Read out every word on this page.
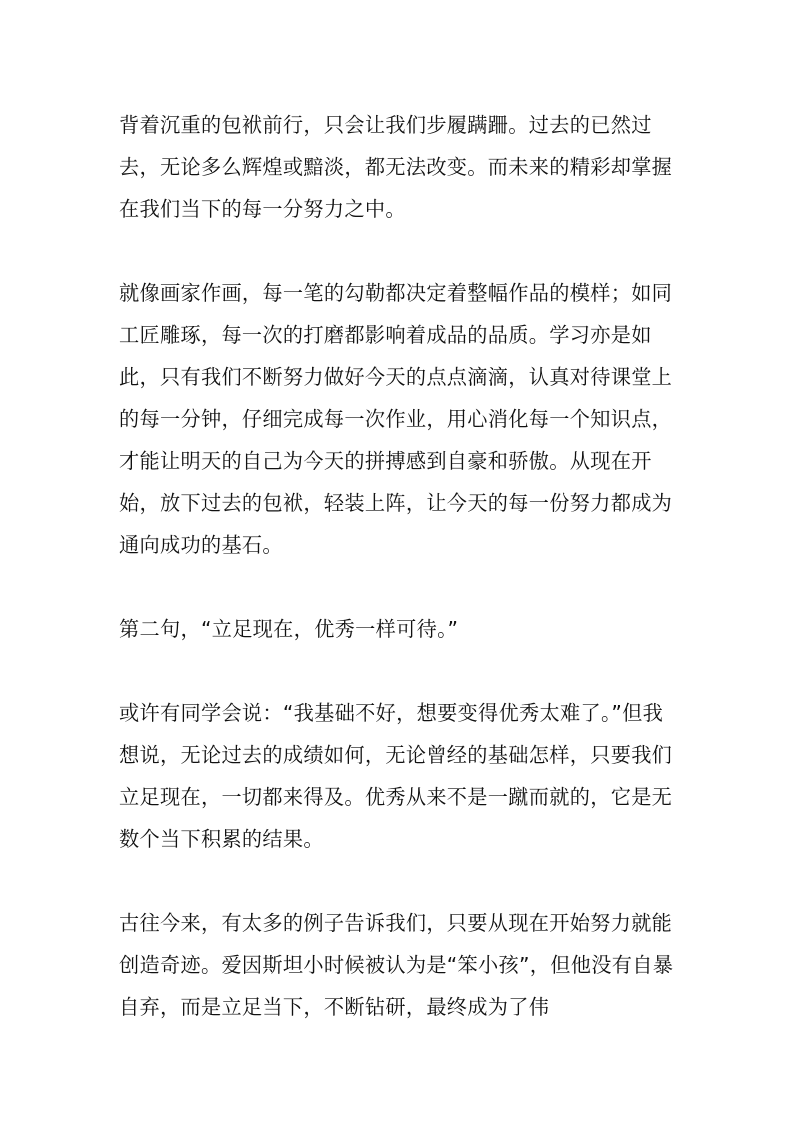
背着沉重的包袱前行，只会让我们步履蹒跚。过去的已然过去，无论多么辉煌或黯淡，都无法改变。而未来的精彩却掌握在我们当下的每一分努力之中。

就像画家作画，每一笔的勾勒都决定着整幅作品的模样；如同工匠雕琢，每一次的打磨都影响着成品的品质。学习亦是如此，只有我们不断努力做好今天的点点滴滴，认真对待课堂上的每一分钟，仔细完成每一次作业，用心消化每一个知识点，才能让明天的自己为今天的拼搏感到自豪和骄傲。从现在开始，放下过去的包袱，轻装上阵，让今天的每一份努力都成为通向成功的基石。

第二句，“立足现在，优秀一样可待。”

或许有同学会说：“我基础不好，想要变得优秀太难了。”但我想说，无论过去的成绩如何，无论曾经的基础怎样，只要我们立足现在，一切都来得及。优秀从来不是一蹴而就的，它是无数个当下积累的结果。

古往今来，有太多的例子告诉我们，只要从现在开始努力就能创造奇迹。爱因斯坦小时候被认为是“笨小孩”，但他没有自暴自弃，而是立足当下，不断钻研，最终成为了伟
